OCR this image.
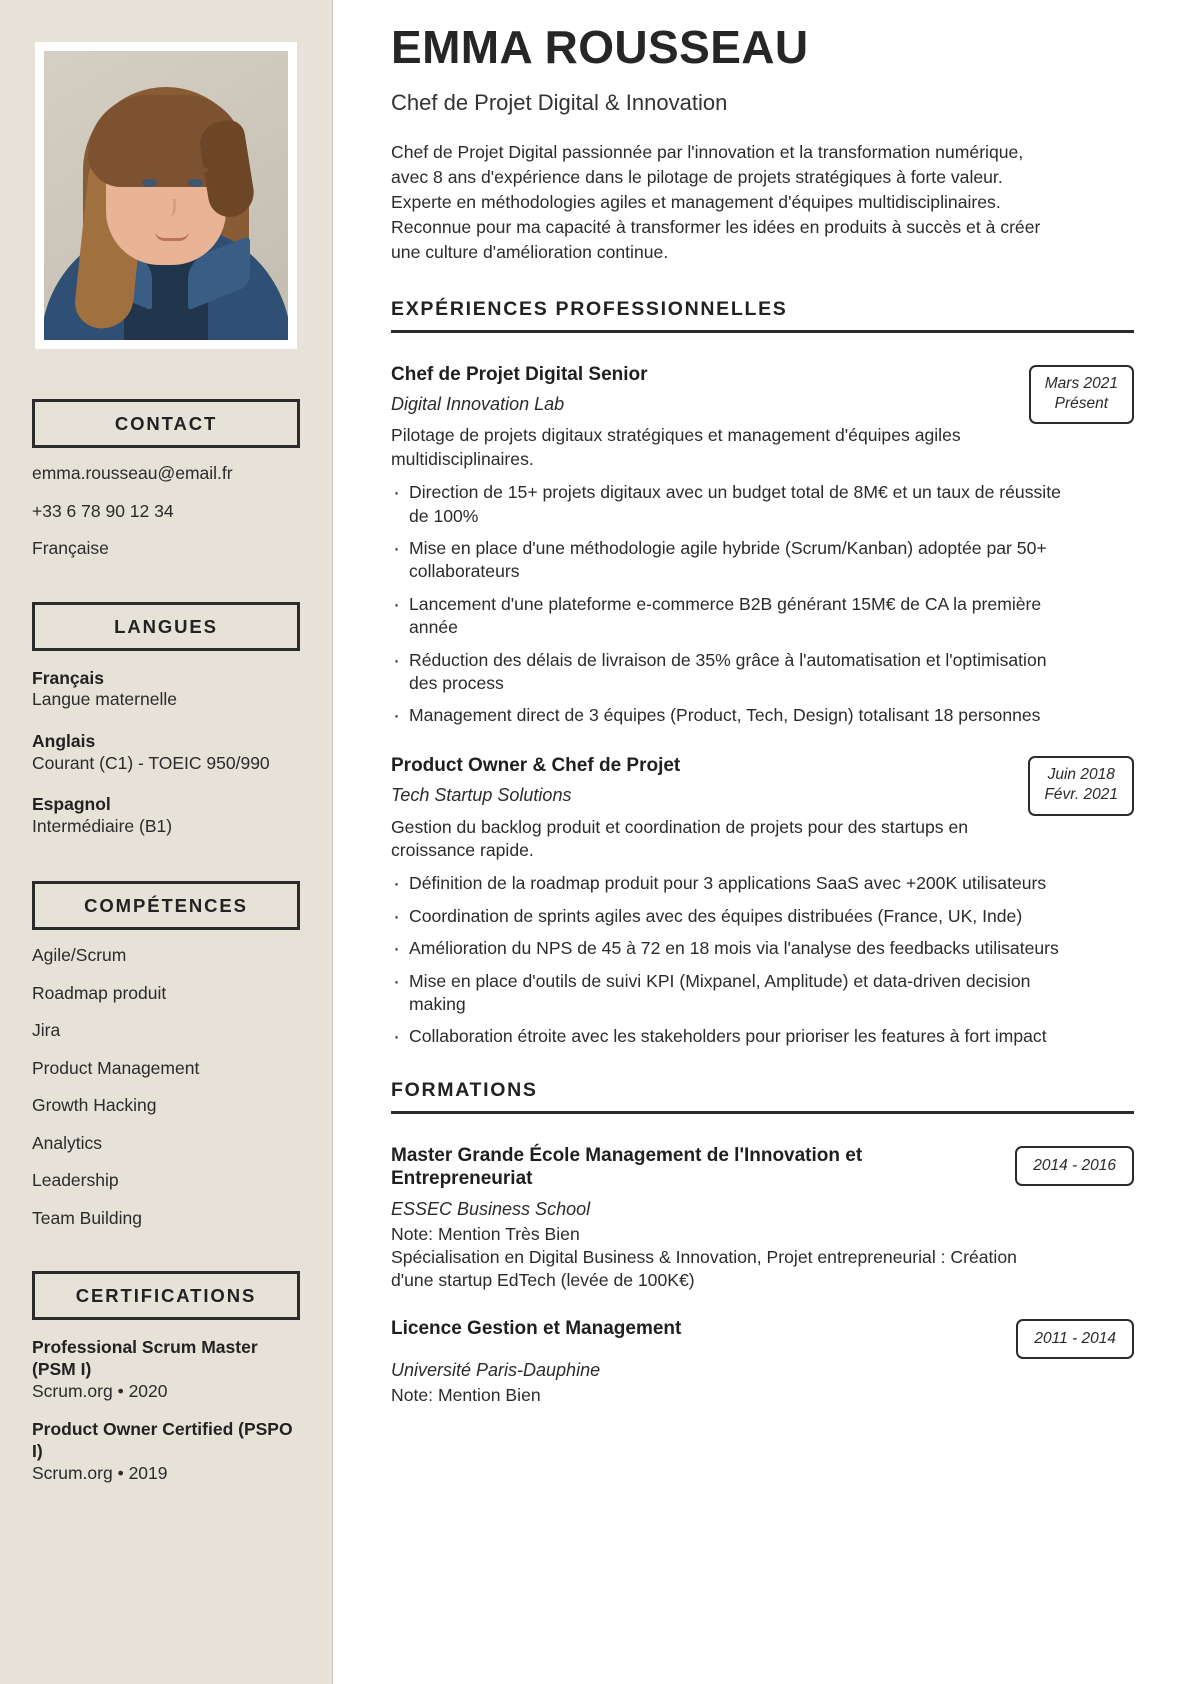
CONTACT
emma.rousseau@email.fr
+33 6 78 90 12 34
Française
LANGUES
Français
Langue maternelle
Anglais
Courant (C1) - TOEIC 950/990
Espagnol
Intermédiaire (B1)
COMPÉTENCES
Agile/Scrum
Roadmap produit
Jira
Product Management
Growth Hacking
Analytics
Leadership
Team Building
CERTIFICATIONS
Professional Scrum Master (PSM I)
Scrum.org • 2020
Product Owner Certified (PSPO I)
Scrum.org • 2019
EMMA ROUSSEAU
Chef de Projet Digital & Innovation

Chef de Projet Digital passionnée par l'innovation et la transformation numérique, avec 8 ans d'expérience dans le pilotage de projets stratégiques à forte valeur. Experte en méthodologies agiles et management d'équipes multidisciplinaires. Reconnue pour ma capacité à transformer les idées en produits à succès et à créer une culture d'amélioration continue.

EXPÉRIENCES PROFESSIONNELLES
Chef de Projet Digital Senior
Digital Innovation Lab
Mars 2021
Présent

Pilotage de projets digitaux stratégiques et management d'équipes agiles multidisciplinaires.

· Direction de 15+ projets digitaux avec un budget total de 8M€ et un taux de réussite de 100%
· Mise en place d'une méthodologie agile hybride (Scrum/Kanban) adoptée par 50+ collaborateurs
· Lancement d'une plateforme e-commerce B2B générant 15M€ de CA la première année
· Réduction des délais de livraison de 35% grâce à l'automatisation et l'optimisation des process
· Management direct de 3 équipes (Product, Tech, Design) totalisant 18 personnes
Product Owner & Chef de Projet
Tech Startup Solutions
Juin 2018
Févr. 2021

Gestion du backlog produit et coordination de projets pour des startups en croissance rapide.

· Définition de la roadmap produit pour 3 applications SaaS avec +200K utilisateurs
· Coordination de sprints agiles avec des équipes distribuées (France, UK, Inde)
· Amélioration du NPS de 45 à 72 en 18 mois via l'analyse des feedbacks utilisateurs
· Mise en place d'outils de suivi KPI (Mixpanel, Amplitude) et data-driven decision making
· Collaboration étroite avec les stakeholders pour prioriser les features à fort impact
FORMATIONS
Master Grande École Management de l'Innovation et Entrepreneuriat
2014 - 2016
ESSEC Business School
Note: Mention Très Bien
Spécialisation en Digital Business & Innovation, Projet entrepreneurial : Création d'une startup EdTech (levée de 100K€)
Licence Gestion et Management	2011 - 2014
Université Paris-Dauphine
Note: Mention Bien
